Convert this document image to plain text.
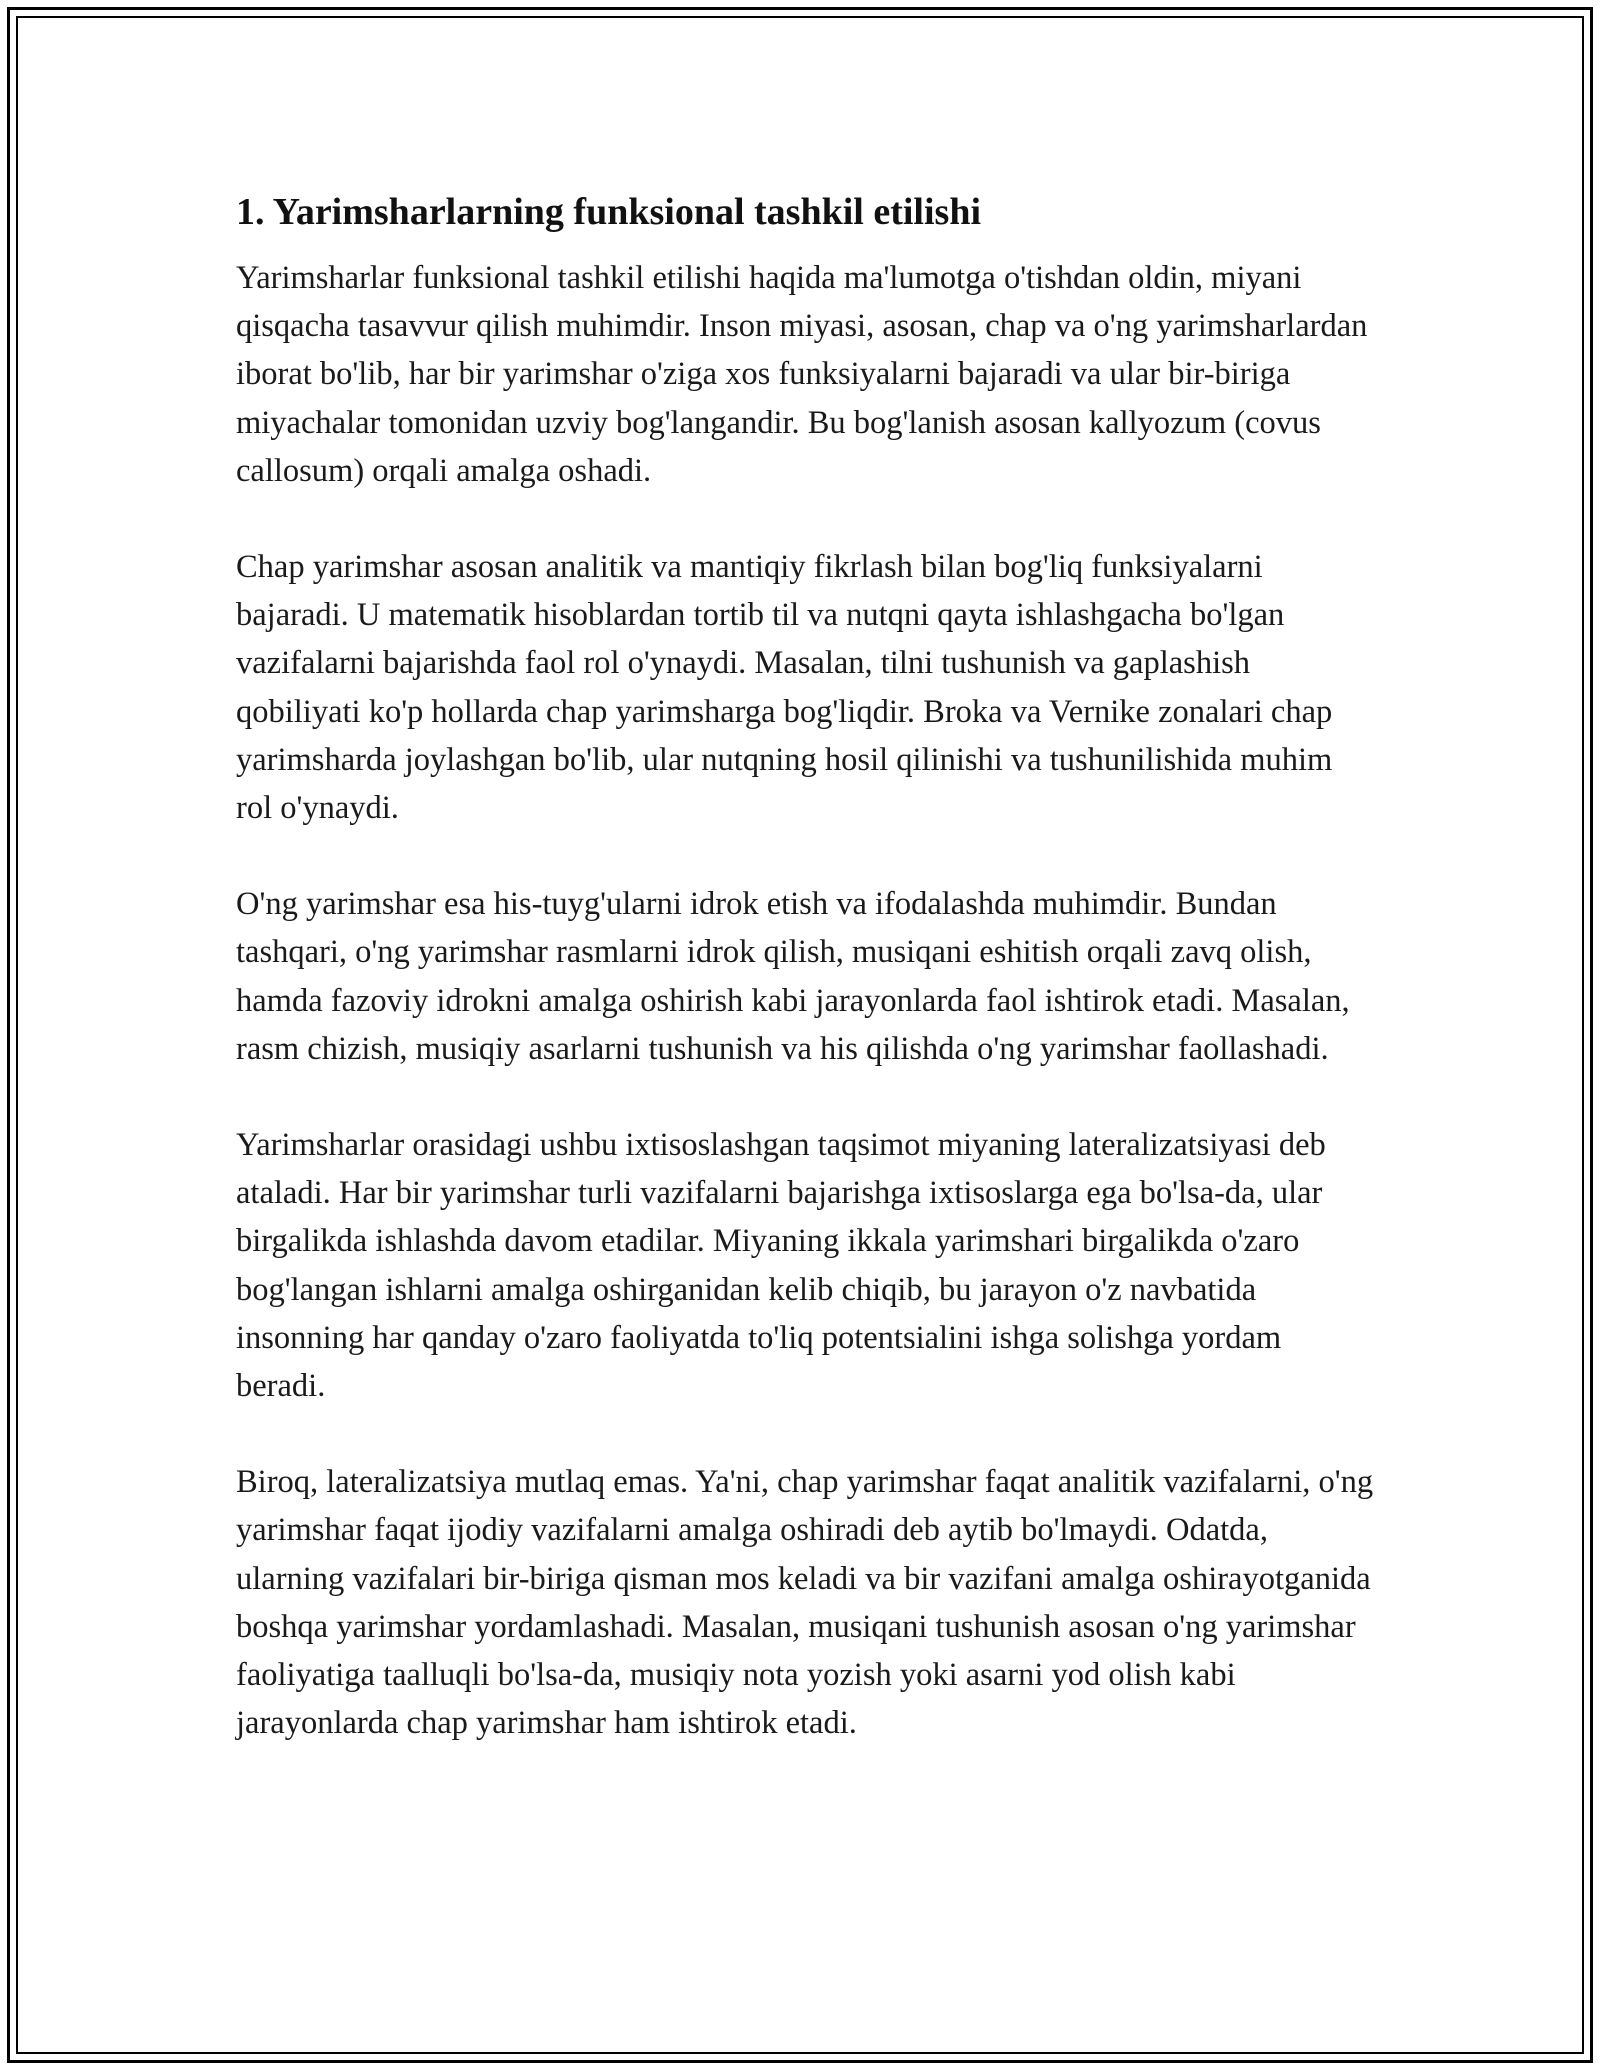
1. Yarimsharlarning funksional tashkil etilishi

Yarimsharlar funksional tashkil etilishi haqida ma'lumotga o'tishdan oldin, miyani qisqacha tasavvur qilish muhimdir. Inson miyasi, asosan, chap va o'ng yarimsharlardan iborat bo'lib, har bir yarimshar o'ziga xos funksiyalarni bajaradi va ular bir-biriga miyachalar tomonidan uzviy bog'langandir. Bu bog'lanish asosan kallyozum (covus callosum) orqali amalga oshadi.

Chap yarimshar asosan analitik va mantiqiy fikrlash bilan bog'liq funksiyalarni bajaradi. U matematik hisoblardan tortib til va nutqni qayta ishlashgacha bo'lgan vazifalarni bajarishda faol rol o'ynaydi. Masalan, tilni tushunish va gaplashish qobiliyati ko'p hollarda chap yarimsharga bog'liqdir. Broka va Vernike zonalari chap yarimsharda joylashgan bo'lib, ular nutqning hosil qilinishi va tushunilishida muhim rol o'ynaydi.

O'ng yarimshar esa his-tuyg'ularni idrok etish va ifodalashda muhimdir. Bundan tashqari, o'ng yarimshar rasmlarni idrok qilish, musiqani eshitish orqali zavq olish, hamda fazoviy idrokni amalga oshirish kabi jarayonlarda faol ishtirok etadi. Masalan, rasm chizish, musiqiy asarlarni tushunish va his qilishda o'ng yarimshar faollashadi.

Yarimsharlar orasidagi ushbu ixtisoslashgan taqsimot miyaning lateralizatsiyasi deb ataladi. Har bir yarimshar turli vazifalarni bajarishga ixtisoslarga ega bo'lsa-da, ular birgalikda ishlashda davom etadilar. Miyaning ikkala yarimshari birgalikda o'zaro bog'langan ishlarni amalga oshirganidan kelib chiqib, bu jarayon o'z navbatida insonning har qanday o'zaro faoliyatda to'liq potentsialini ishga solishga yordam beradi.

Biroq, lateralizatsiya mutlaq emas. Ya'ni, chap yarimshar faqat analitik vazifalarni, o'ng yarimshar faqat ijodiy vazifalarni amalga oshiradi deb aytib bo'lmaydi. Odatda, ularning vazifalari bir-biriga qisman mos keladi va bir vazifani amalga oshirayotganida boshqa yarimshar yordamlashadi. Masalan, musiqani tushunish asosan o'ng yarimshar faoliyatiga taalluqli bo'lsa-da, musiqiy nota yozish yoki asarni yod olish kabi jarayonlarda chap yarimshar ham ishtirok etadi.
